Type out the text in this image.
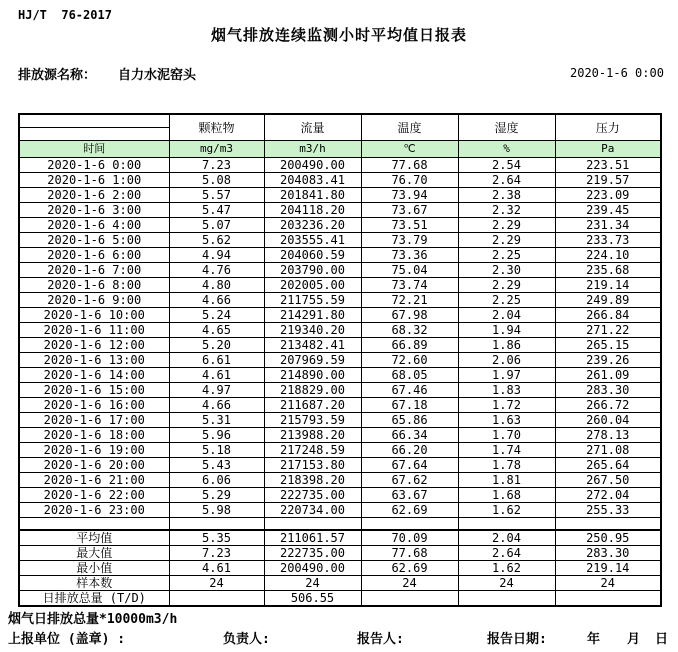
HJ/T  76-2017
烟气排放连续监测小时平均值日报表
排放源名称： 自力水泥窑头	2020-1-6 0:00
	颗粒物	流量	温度	湿度	压力

时间	mg/m3	m3/h	℃	%	Pa
2020-1-6 0:00	7.23	200490.00	77.68	2.54	223.51
2020-1-6 1:00	5.08	204083.41	76.70	2.64	219.57
2020-1-6 2:00	5.57	201841.80	73.94	2.38	223.09
2020-1-6 3:00	5.47	204118.20	73.67	2.32	239.45
2020-1-6 4:00	5.07	203236.20	73.51	2.29	231.34
2020-1-6 5:00	5.62	203555.41	73.79	2.29	233.73
2020-1-6 6:00	4.94	204060.59	73.36	2.25	224.10
2020-1-6 7:00	4.76	203790.00	75.04	2.30	235.68
2020-1-6 8:00	4.80	202005.00	73.74	2.29	219.14
2020-1-6 9:00	4.66	211755.59	72.21	2.25	249.89
2020-1-6 10:00	5.24	214291.80	67.98	2.04	266.84
2020-1-6 11:00	4.65	219340.20	68.32	1.94	271.22
2020-1-6 12:00	5.20	213482.41	66.89	1.86	265.15
2020-1-6 13:00	6.61	207969.59	72.60	2.06	239.26
2020-1-6 14:00	4.61	214890.00	68.05	1.97	261.09
2020-1-6 15:00	4.97	218829.00	67.46	1.83	283.30
2020-1-6 16:00	4.66	211687.20	67.18	1.72	266.72
2020-1-6 17:00	5.31	215793.59	65.86	1.63	260.04
2020-1-6 18:00	5.96	213988.20	66.34	1.70	278.13
2020-1-6 19:00	5.18	217248.59	66.20	1.74	271.08
2020-1-6 20:00	5.43	217153.80	67.64	1.78	265.64
2020-1-6 21:00	6.06	218398.20	67.62	1.81	267.50
2020-1-6 22:00	5.29	222735.00	63.67	1.68	272.04
2020-1-6 23:00	5.98	220734.00	62.69	1.62	255.33

平均值	5.35	211061.57	70.09	2.04	250.95
最大值	7.23	222735.00	77.68	2.64	283.30
最小值	4.61	200490.00	62.69	1.62	219.14
样本数	24	24	24	24	24
日排放总量 (T/D)		506.55			
烟气日排放总量*10000m3/h
上报单位 (盖章) :	负责人:	报告人:	报告日期:	年 月 日
